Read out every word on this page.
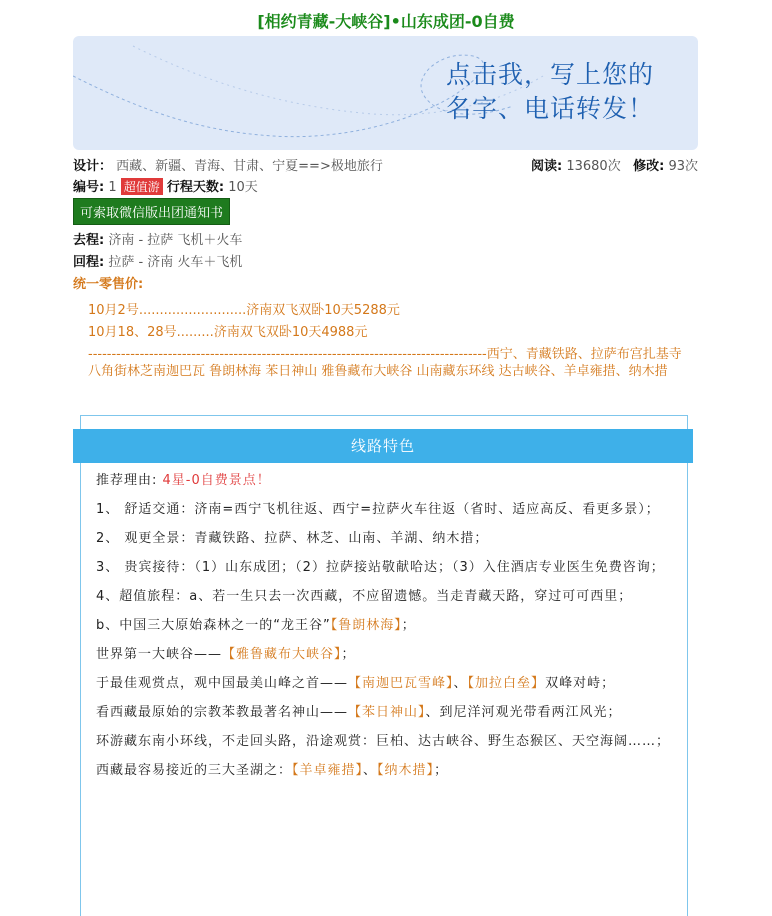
[相约青藏-大峡谷]•山东成团-0自费
点击我，写上您的
名字、电话转发！
设计： 西藏、新疆、青海、甘肃、宁夏==>极地旅行	阅读: 13680次 修改: 93次
编号: 1 超值游 行程天数: 10天
可索取微信版出团通知书
去程: 济南 - 拉萨 飞机＋火车
回程: 拉萨 - 济南 火车＋飞机
统一零售价:
10月2号..........................济南双飞双卧10天5288元
10月18、28号.........济南双飞双卧10天4988元
-------------------------------------------------------------------------------------西宁、青藏铁路、拉萨布宫扎基寺 八角街林芝南迦巴瓦 鲁朗林海 苯日神山 雅鲁藏布大峡谷 山南藏东环线 达古峡谷、羊卓雍措、纳木措
线路特色

推荐理由: 4星-0自费景点！

1、 舒适交通：济南=西宁飞机往返、西宁=拉萨火车往返（省时、适应高反、看更多景）；

2、 观更全景：青藏铁路、拉萨、林芝、山南、羊湖、纳木措；

3、 贵宾接待：（1）山东成团；（2）拉萨接站敬献哈达；（3）入住酒店专业医生免费咨询；

4、超值旅程：a、若一生只去一次西藏，不应留遗憾。当走青藏天路，穿过可可西里；

b、中国三大原始森林之一的“龙王谷”【鲁朗林海】；

世界第一大峡谷——【雅鲁藏布大峡谷】；

于最佳观赏点，观中国最美山峰之首——【南迦巴瓦雪峰】、【加拉白垒】双峰对峙；

看西藏最原始的宗教苯教最著名神山——【苯日神山】、到尼洋河观光带看两江风光；

环游藏东南小环线，不走回头路，沿途观赏：巨柏、达古峡谷、野生态猴区、天空海阔……；

西藏最容易接近的三大圣湖之：【羊卓雍措】、【纳木措】；
